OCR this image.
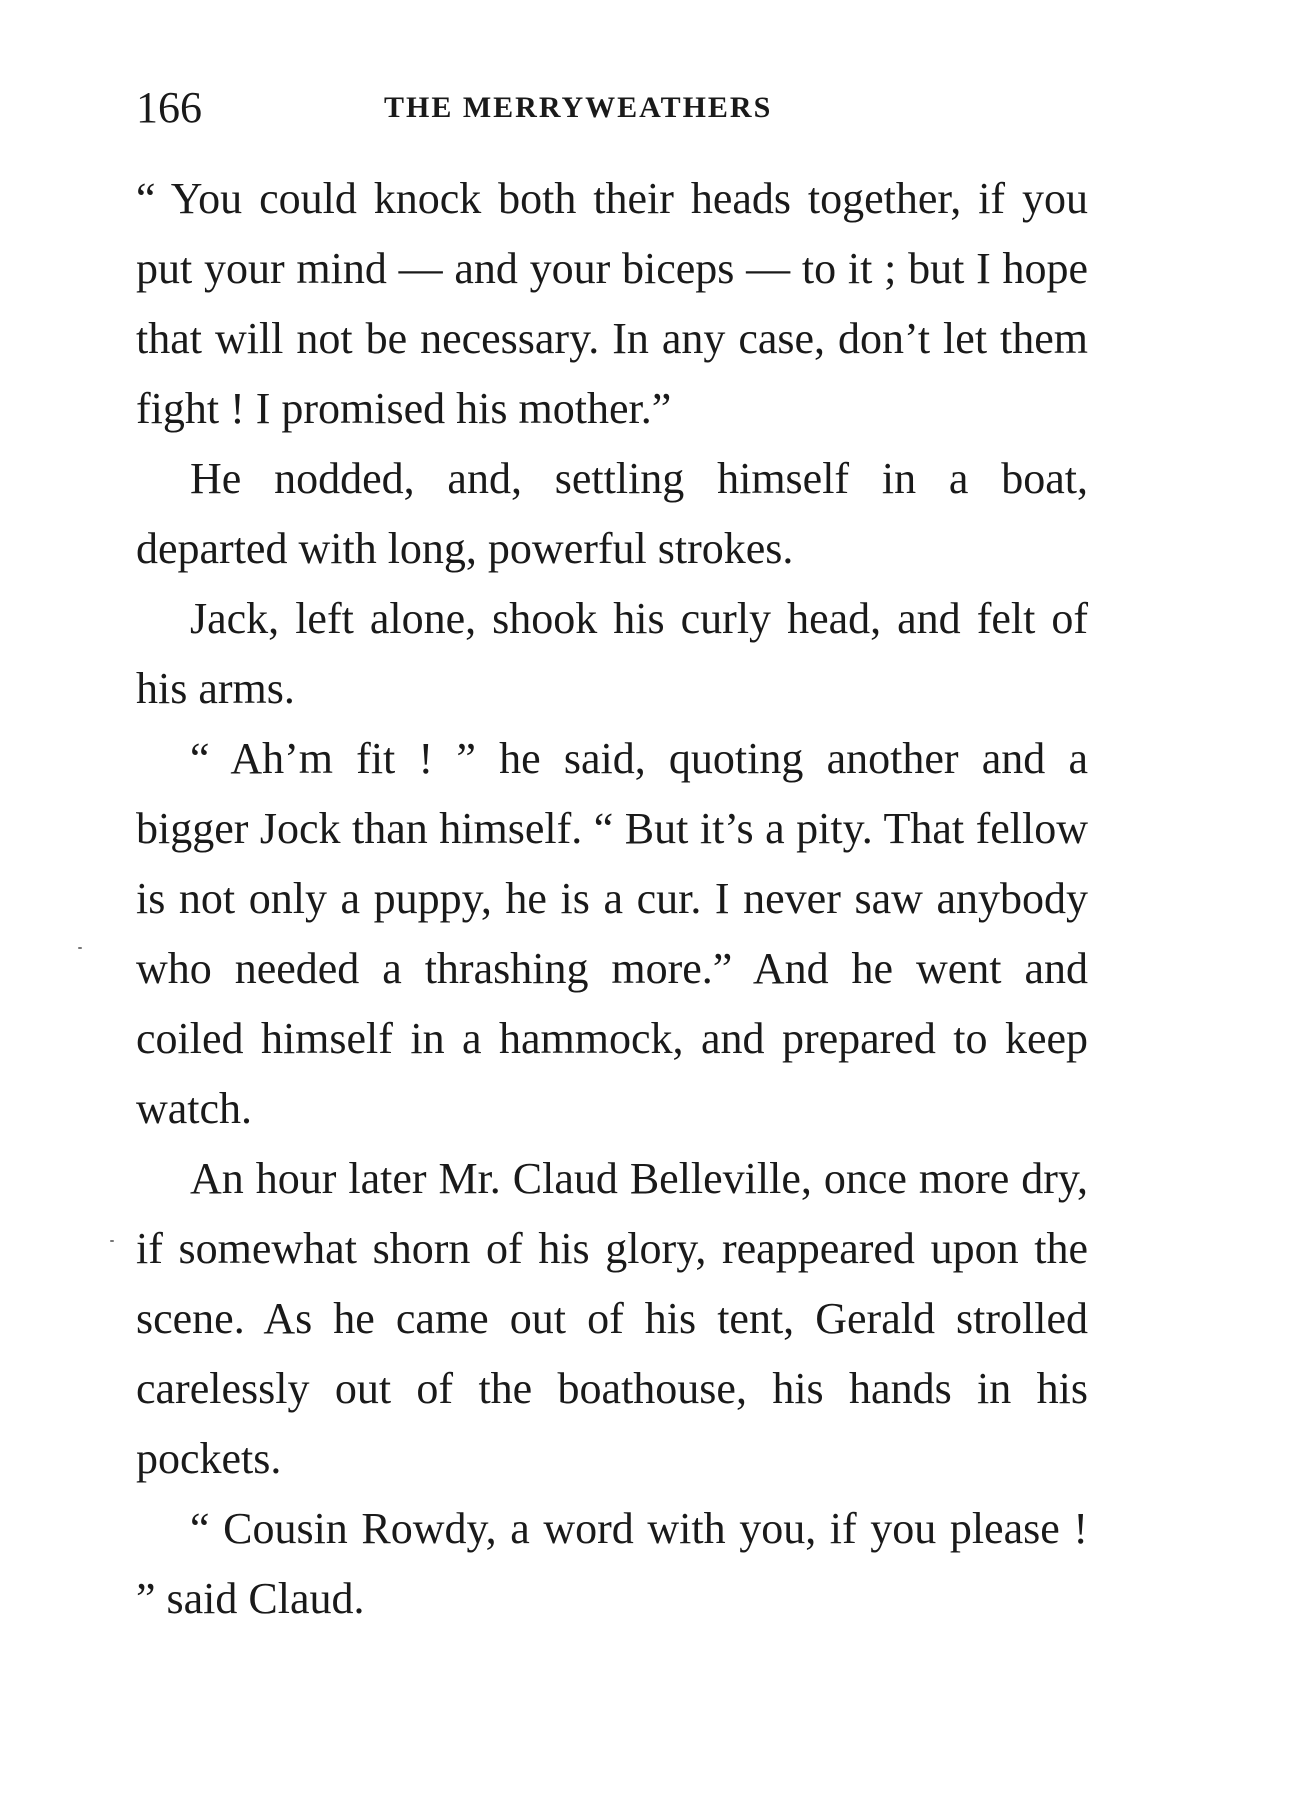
166	THE MERRYWEATHERS

“ You could knock both their heads together, if you put your mind — and your biceps — to it ; but I hope that will not be necessary. In any case, don’t let them fight ! I promised his mother.”

He nodded, and, settling himself in a boat, departed with long, powerful strokes.

Jack, left alone, shook his curly head, and felt of his arms.

“ Ah’m fit ! ” he said, quoting another and a bigger Jock than himself. “ But it’s a pity. That fellow is not only a puppy, he is a cur. I never saw anybody who needed a thrashing more.” And he went and coiled himself in a hammock, and prepared to keep watch.

An hour later Mr. Claud Belleville, once more dry, if somewhat shorn of his glory, reappeared upon the scene. As he came out of his tent, Gerald strolled carelessly out of the boathouse, his hands in his pockets.

“ Cousin Rowdy, a word with you, if you please ! ” said Claud.
